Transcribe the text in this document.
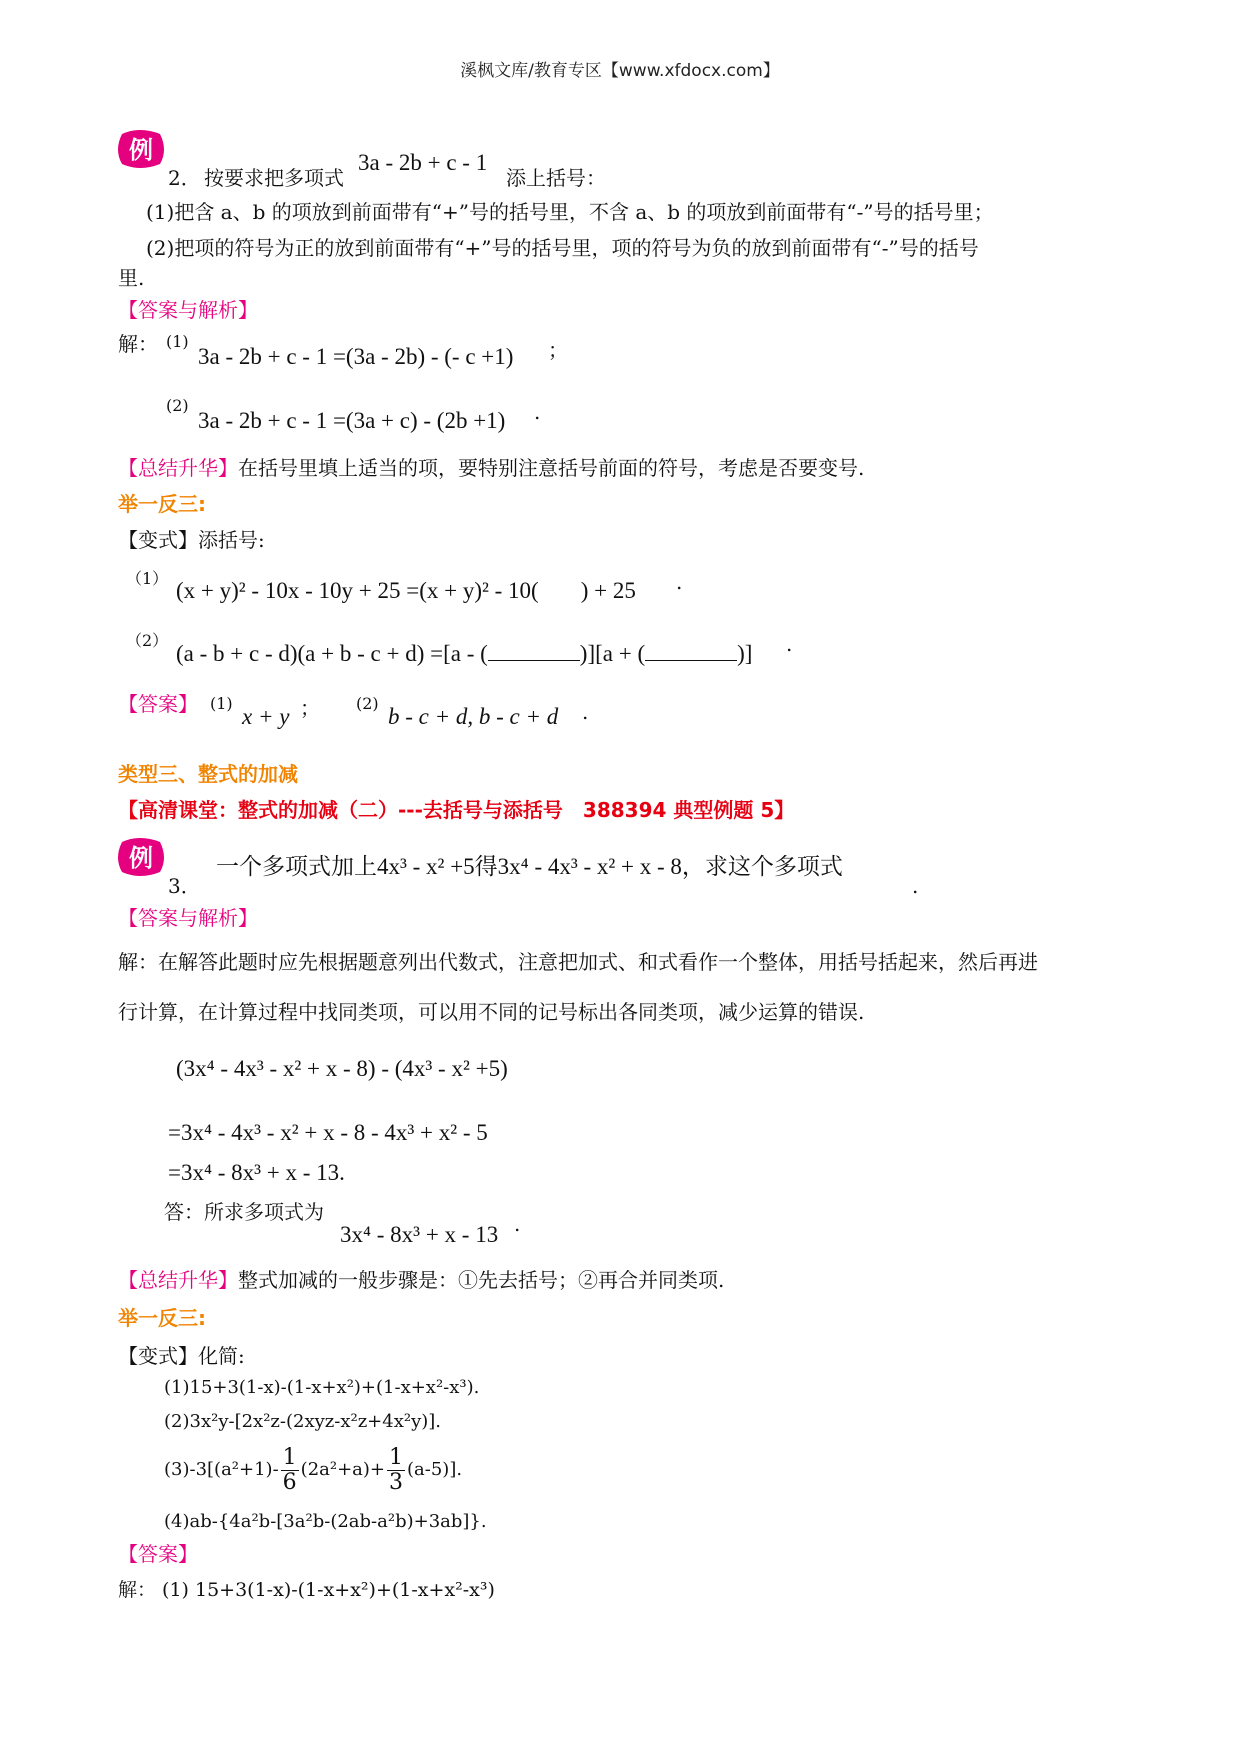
溪枫文库/教育专区【www.xfdocx.com】
例
2． 按要求把多项式
3a - 2b + c - 1
添上括号：
(1)把含 a、b 的项放到前面带有“+”号的括号里，不含 a、b 的项放到前面带有“-”号的括号里；
(2)把项的符号为正的放到前面带有“+”号的括号里，项的符号为负的放到前面带有“-”号的括号
里.
【答案与解析】
解： (1)
3a - 2b + c - 1 =(3a - 2b) - (- c +1) ；
(2)
3a - 2b + c - 1 =(3a + c) - (2b +1) .
【总结升华】在括号里填上适当的项，要特别注意括号前面的符号，考虑是否要变号.
举一反三:
【变式】添括号:
（1） (x + y)² - 10x - 10y + 25 =(x + y)² - 10( ) + 25 .
（2）
(a - b + c - d)(a + b - c + d) =[a - (	)][a + (	)] .
【答案】 (1)
x + y ； (2)
b - c + d, b - c + d .
类型三、整式的加减
【高清课堂：整式的加减（二）---去括号与添括号　388394 典型例题 5】
例
3．
一个多项式加上4x³ - x² +5得3x⁴ - 4x³ - x² + x - 8，求这个多项式
.
【答案与解析】
解：在解答此题时应先根据题意列出代数式，注意把加式、和式看作一个整体，用括号括起来，然后再进
行计算，在计算过程中找同类项，可以用不同的记号标出各同类项，减少运算的错误.
(3x⁴ - 4x³ - x² + x - 8) - (4x³ - x² +5)
=3x⁴ - 4x³ - x² + x - 8 - 4x³ + x² - 5
=3x⁴ - 8x³ + x - 13.
答：所求多项式为
3x⁴ - 8x³ + x - 13 .
【总结升华】整式加减的一般步骤是：①先去括号；②再合并同类项.
举一反三:
【变式】化简:
(1)15+3(1-x)-(1-x+x²)+(1-x+x²-x³).
(2)3x²y-[2x²z-(2xyz-x²z+4x²y)].
$(3)-3[(a^2+1)- \frac{1}{6} (2a^2+a)+ \frac{1}{3} (a-5)]$.
(4)ab-{4a²b-[3a²b-(2ab-a²b)+3ab]}.
【答案】
解： (1) 15+3(1-x)-(1-x+x²)+(1-x+x²-x³)
